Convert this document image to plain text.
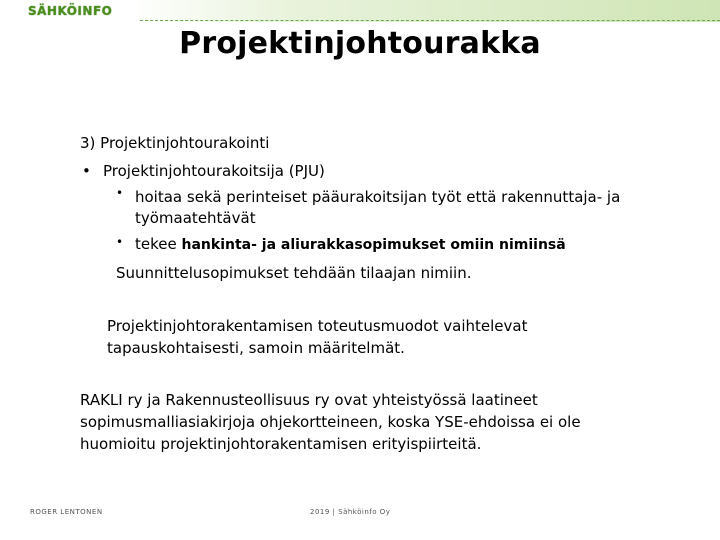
SÄHKÖINFO
Projektinjohtourakka
3) Projektinjohtourakointi
• Projektinjohtourakoitsija (PJU)
• hoitaa sekä perinteiset pääurakoitsijan työt että rakennuttaja- ja
työmaatehtävät
• tekee hankinta- ja aliurakkasopimukset omiin nimiinsä
Suunnittelusopimukset tehdään tilaajan nimiin.
Projektinjohtorakentamisen toteutusmuodot vaihtelevat
tapauskohtaisesti, samoin määritelmät.
RAKLI ry ja Rakennusteollisuus ry ovat yhteistyössä laatineet
sopimusmalliasiakirjoja ohjekortteineen, koska YSE-ehdoissa ei ole
huomioitu projektinjohtorakentamisen erityispiirteitä.
ROGER LENTONEN	2019 | Sähköinfo Oy
